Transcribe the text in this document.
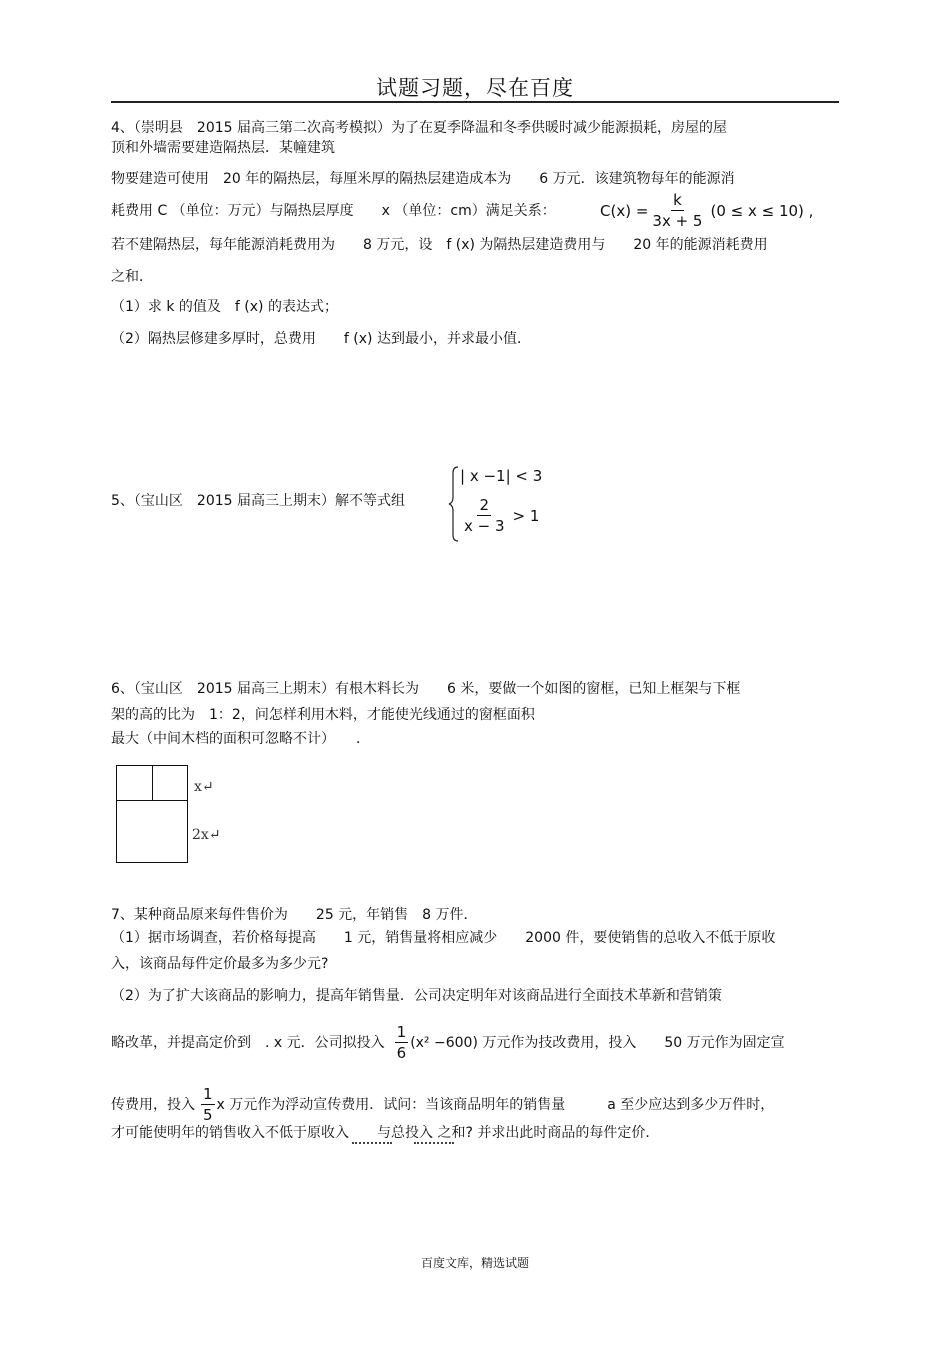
试题习题，尽在百度
4、（崇明县　2015 届高三第二次高考模拟）为了在夏季降温和冬季供暖时减少能源损耗，房屋的屋
顶和外墙需要建造隔热层．某幢建筑
物要建造可使用　20 年的隔热层，每厘米厚的隔热层建造成本为　　6 万元．该建筑物每年的能源消
耗费用 C （单位：万元）与隔热层厚度　　x （单位：cm）满足关系：	$C(x) = \frac{k}{3x + 5} (0 \le x \le 10)$ ,
若不建隔热层，每年能源消耗费用为　　8 万元，设　f (x) 为隔热层建造费用与　　20 年的能源消耗费用
之和．
（1）求 k 的值及　f (x) 的表达式；
（2）隔热层修建多厚时，总费用　　f (x) 达到最小，并求最小值．
5、（宝山区　2015 届高三上期末）解不等式组
| x −1| < 3
$\frac{2}{x - 3} > 1$
6、（宝山区　2015 届高三上期末）有根木料长为　　6 米，要做一个如图的窗框，已知上框架与下框
架的高的比为　1：2，问怎样利用木料，才能使光线通过的窗框面积
最大（中间木档的面积可忽略不计）　　．
x↵
2x↵
7、某种商品原来每件售价为　　25 元，年销售　8 万件．
（1）据市场调查，若价格每提高　　1 元，销售量将相应减少　　2000 件，要使销售的总收入不低于原收
入，该商品每件定价最多为多少元?
（2）为了扩大该商品的影响力，提高年销售量．公司决定明年对该商品进行全面技术革新和营销策
略改革，并提高定价到　. x 元．公司拟投入 $\frac{1}{6} (x^2 -600)$ 万元作为技改费用，投入　　50 万元作为固定宣
传费用，投入 $\frac{1}{5}$ x 万元作为浮动宣传费用．试问：当该商品明年的销售量　　　a 至少应达到多少万件时，
才可能使明年的销售收入不低于原收入　　与总投入 之和? 并求出此时商品的每件定价．
百度文库，精选试题
